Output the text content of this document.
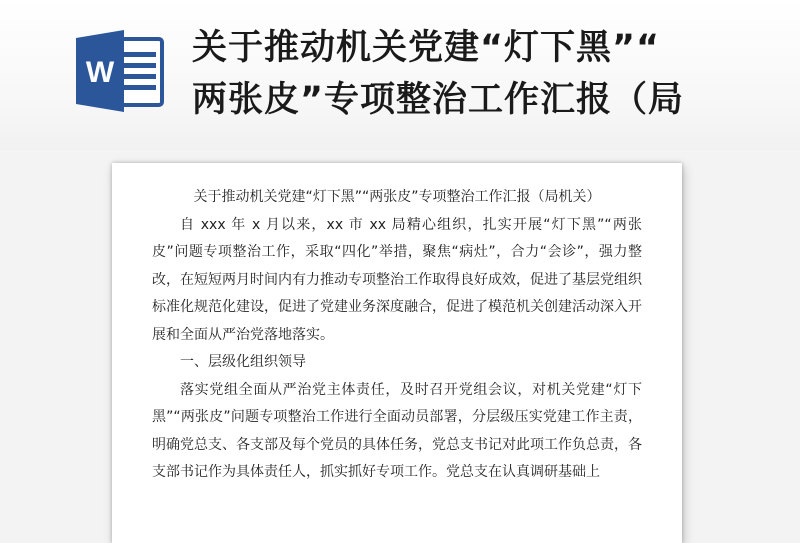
W
关于推动机关党建“灯下黑”“
两张皮”专项整治工作汇报（局

关于推动机关党建“灯下黑”“两张皮”专项整治工作汇报（局机关）

自 xxx 年 x 月以来，xx 市 xx 局精心组织，扎实开展“灯下黑”“两张皮”问题专项整治工作，采取“四化”举措，聚焦“病灶”，合力“会诊”，强力整改，在短短两月时间内有力推动专项整治工作取得良好成效，促进了基层党组织标准化规范化建设，促进了党建业务深度融合，促进了模范机关创建活动深入开展和全面从严治党落地落实。

一、层级化组织领导

落实党组全面从严治党主体责任，及时召开党组会议，对机关党建“灯下黑”“两张皮”问题专项整治工作进行全面动员部署，分层级压实党建工作主责，明确党总支、各支部及每个党员的具体任务，党总支书记对此项工作负总责，各支部书记作为具体责任人，抓实抓好专项工作。党总支在认真调研基础上
